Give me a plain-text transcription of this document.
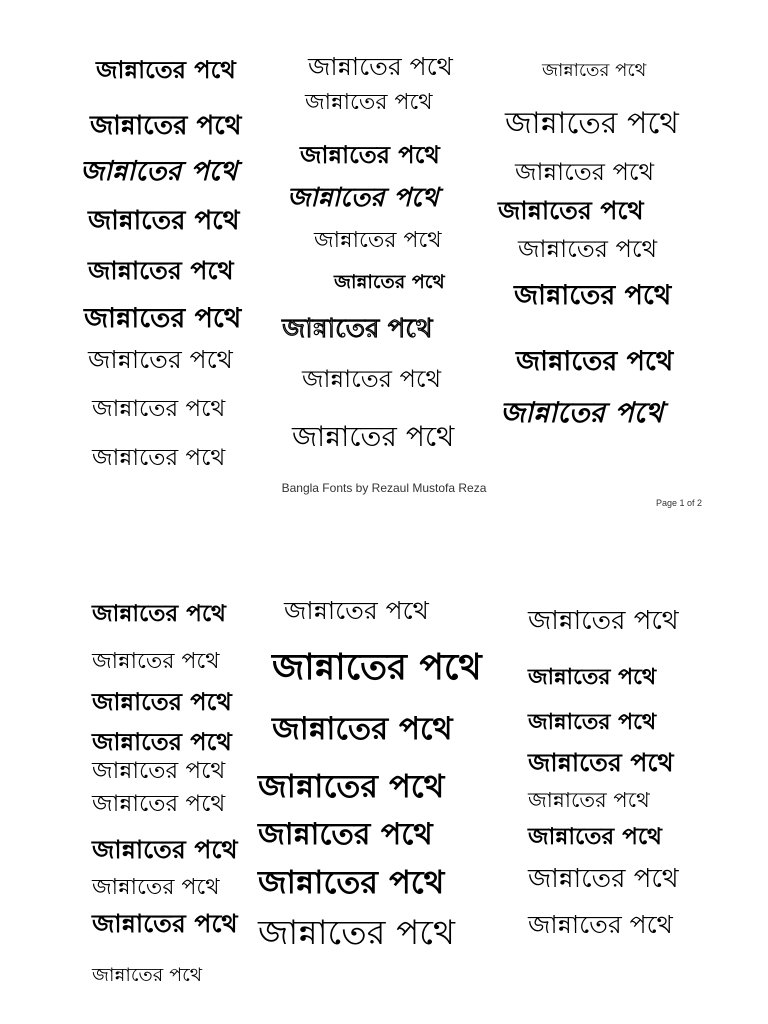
জান্নাতের পথে
জান্নাতের পথে
জান্নাতের পথে
জান্নাতের পথে
জান্নাতের পথে
জান্নাতের পথে
জান্নাতের পথে
জান্নাতের পথে
জান্নাতের পথে
জান্নাতের পথে
জান্নাতের পথে
জান্নাতের পথে
জান্নাতের পথে
জান্নাতের পথে
জান্নাতের পথে
জান্নাতের পথে
জান্নাতের পথে
জান্নাতের পথে
জান্নাতের পথে
জান্নাতের পথে
জান্নাতের পথে
জান্নাতের পথে
জান্নাতের পথে
জান্নাতের পথে
জান্নাতের পথে
জান্নাতের পথে
Bangla Fonts by Rezaul Mustofa Reza
Page 1 of 2
জান্নাতের পথে
জান্নাতের পথে
জান্নাতের পথে
জান্নাতের পথে
জান্নাতের পথে
জান্নাতের পথে
জান্নাতের পথে
জান্নাতের পথে
জান্নাতের পথে
জান্নাতের পথে
জান্নাতের পথে
জান্নাতের পথে
জান্নাতের পথে
জান্নাতের পথে
জান্নাতের পথে
জান্নাতের পথে
জান্নাতের পথে
জান্নাতের পথে
জান্নাতের পথে
জান্নাতের পথে
জান্নাতের পথে
জান্নাতের পথে
জান্নাতের পথে
জান্নাতের পথে
জান্নাতের পথে
